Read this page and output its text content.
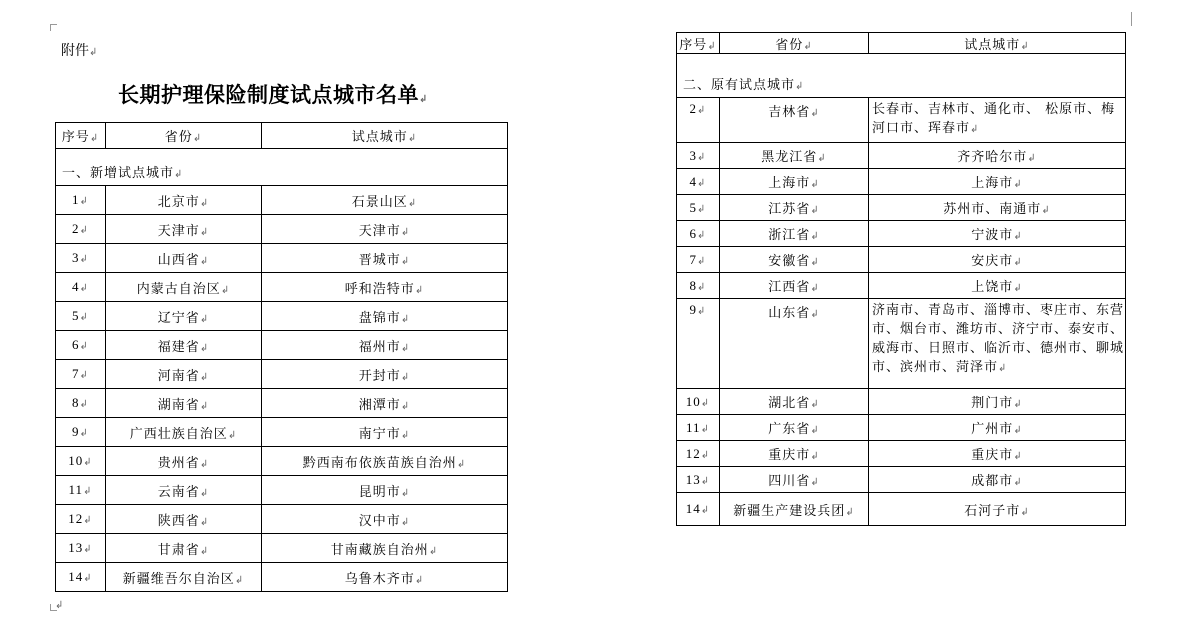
附件↲
长期护理保险制度试点城市名单↲
序号↲	省份↲	试点城市↲
一、新增试点城市↲		
1↲	北京市↲	石景山区↲
2↲	天津市↲	天津市↲
3↲	山西省↲	晋城市↲
4↲	内蒙古自治区↲	呼和浩特市↲
5↲	辽宁省↲	盘锦市↲
6↲	福建省↲	福州市↲
7↲	河南省↲	开封市↲
8↲	湖南省↲	湘潭市↲
9↲	广西壮族自治区↲	南宁市↲
10↲	贵州省↲	黔西南布依族苗族自治州↲
11↲	云南省↲	昆明市↲
12↲	陕西省↲	汉中市↲
13↲	甘肃省↲	甘南藏族自治州↲
14↲	新疆维吾尔自治区↲	乌鲁木齐市↲
序号↲	省份↲	试点城市↲
二、原有试点城市↲		
2↲	吉林省↲	长春市、吉林市、通化市、 松原市、梅河口市、珲春市↲
3↲	黑龙江省↲	齐齐哈尔市↲
4↲	上海市↲	上海市↲
5↲	江苏省↲	苏州市、南通市↲
6↲	浙江省↲	宁波市↲
7↲	安徽省↲	安庆市↲
8↲	江西省↲	上饶市↲
9↲	山东省↲	济南市、青岛市、淄博市、枣庄市、东营市、烟台市、潍坊市、济宁市、泰安市、威海市、日照市、临沂市、德州市、聊城市、滨州市、菏泽市↲
10↲	湖北省↲	荆门市↲
11↲	广东省↲	广州市↲
12↲	重庆市↲	重庆市↲
13↲	四川省↲	成都市↲
14↲	新疆生产建设兵团↲	石河子市↲
↲
